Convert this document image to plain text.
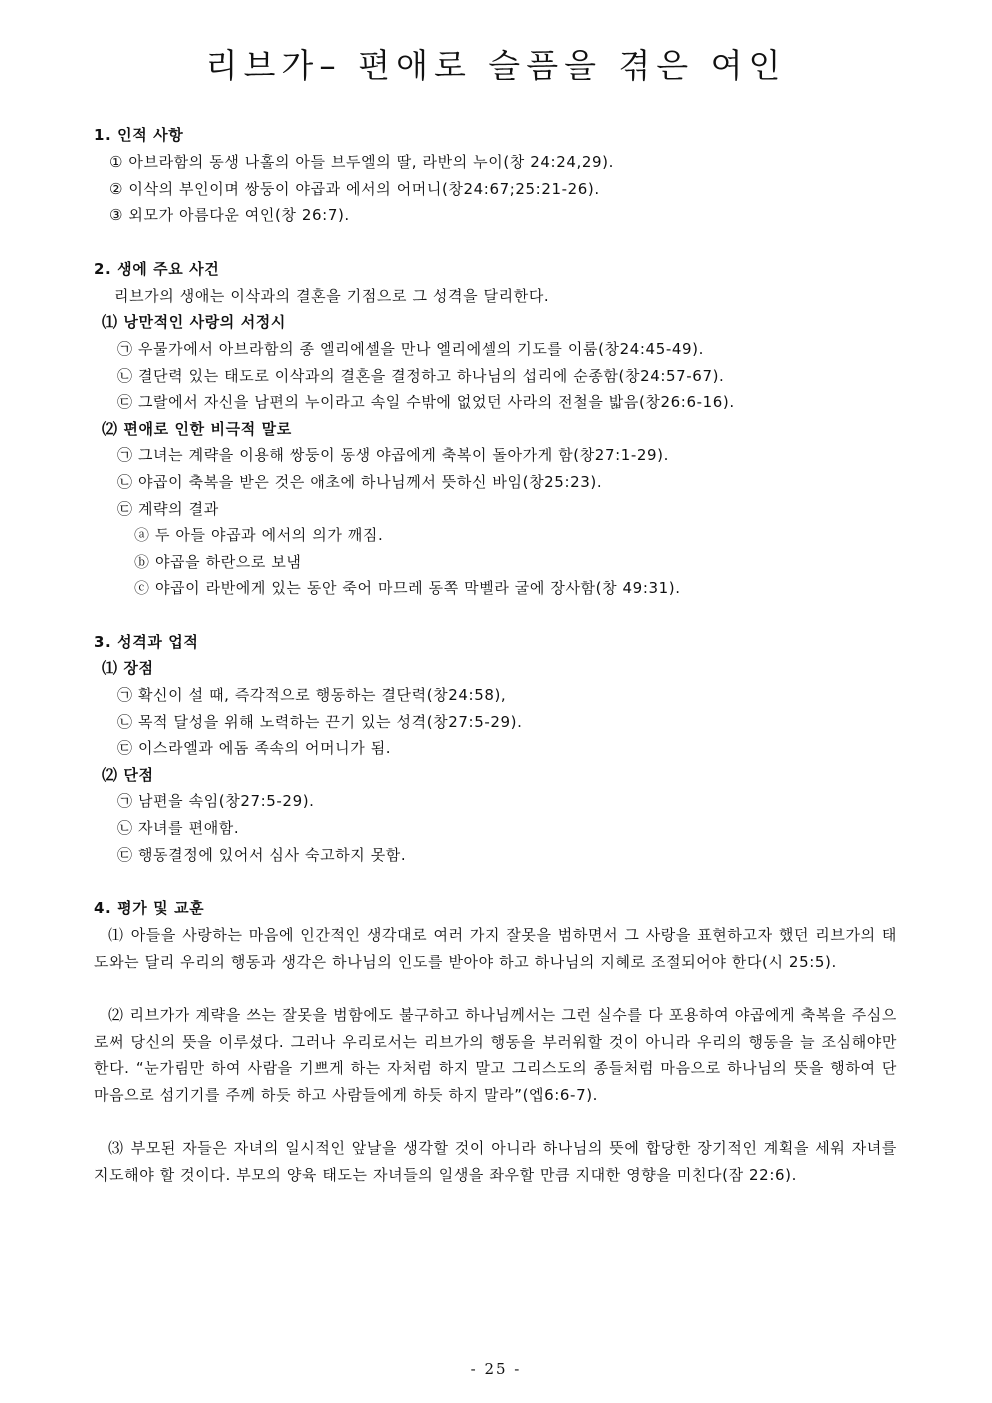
리브가– 편애로 슬픔을 겪은 여인
1. 인적 사항
① 아브라함의 동생 나홀의 아들 브두엘의 딸, 라반의 누이(창 24:24,29).
② 이삭의 부인이며 쌍둥이 야곱과 에서의 어머니(창24:67;25:21-26).
③ 외모가 아름다운 여인(창 26:7).
2. 생에 주요 사건
리브가의 생애는 이삭과의 결혼을 기점으로 그 성격을 달리한다.
⑴ 낭만적인 사랑의 서정시
㉠ 우물가에서 아브라함의 종 엘리에셀을 만나 엘리에셀의 기도를 이룸(창24:45-49).
㉡ 결단력 있는 태도로 이삭과의 결혼을 결정하고 하나님의 섭리에 순종함(창24:57-67).
㉢ 그랄에서 자신을 남편의 누이라고 속일 수밖에 없었던 사라의 전철을 밟음(창26:6-16).
⑵ 편애로 인한 비극적 말로
㉠ 그녀는 계략을 이용해 쌍둥이 동생 야곱에게 축복이 돌아가게 함(창27:1-29).
㉡ 야곱이 축복을 받은 것은 애초에 하나님께서 뜻하신 바임(창25:23).
㉢ 계략의 결과
ⓐ 두 아들 야곱과 에서의 의가 깨짐.
ⓑ 야곱을 하란으로 보냄
ⓒ 야곱이 라반에게 있는 동안 죽어 마므레 동쪽 막벨라 굴에 장사함(창 49:31).
3. 성격과 업적
⑴ 장점
㉠ 확신이 설 때, 즉각적으로 행동하는 결단력(창24:58),
㉡ 목적 달성을 위해 노력하는 끈기 있는 성격(창27:5-29).
㉢ 이스라엘과 에돔 족속의 어머니가 됨.
⑵ 단점
㉠ 남편을 속임(창27:5-29).
㉡ 자녀를 편애함.
㉢ 행동결정에 있어서 심사 숙고하지 못함.
4. 평가 및 교훈

⑴ 아들을 사랑하는 마음에 인간적인 생각대로 여러 가지 잘못을 범하면서 그 사랑을 표현하고자 했던 리브가의 태도와는 달리 우리의 행동과 생각은 하나님의 인도를 받아야 하고 하나님의 지혜로 조절되어야 한다(시 25:5).

⑵ 리브가가 계략을 쓰는 잘못을 범함에도 불구하고 하나님께서는 그런 실수를 다 포용하여 야곱에게 축복을 주심으로써 당신의 뜻을 이루셨다. 그러나 우리로서는 리브가의 행동을 부러워할 것이 아니라 우리의 행동을 늘 조심해야만 한다. “눈가림만 하여 사람을 기쁘게 하는 자처럼 하지 말고 그리스도의 종들처럼 마음으로 하나님의 뜻을 행하여 단 마음으로 섬기기를 주께 하듯 하고 사람들에게 하듯 하지 말라”(엡6:6-7).

⑶ 부모된 자들은 자녀의 일시적인 앞날을 생각할 것이 아니라 하나님의 뜻에 합당한 장기적인 계획을 세워 자녀를 지도해야 할 것이다. 부모의 양육 태도는 자녀들의 일생을 좌우할 만큼 지대한 영향을 미친다(잠 22:6).

- 25 -
